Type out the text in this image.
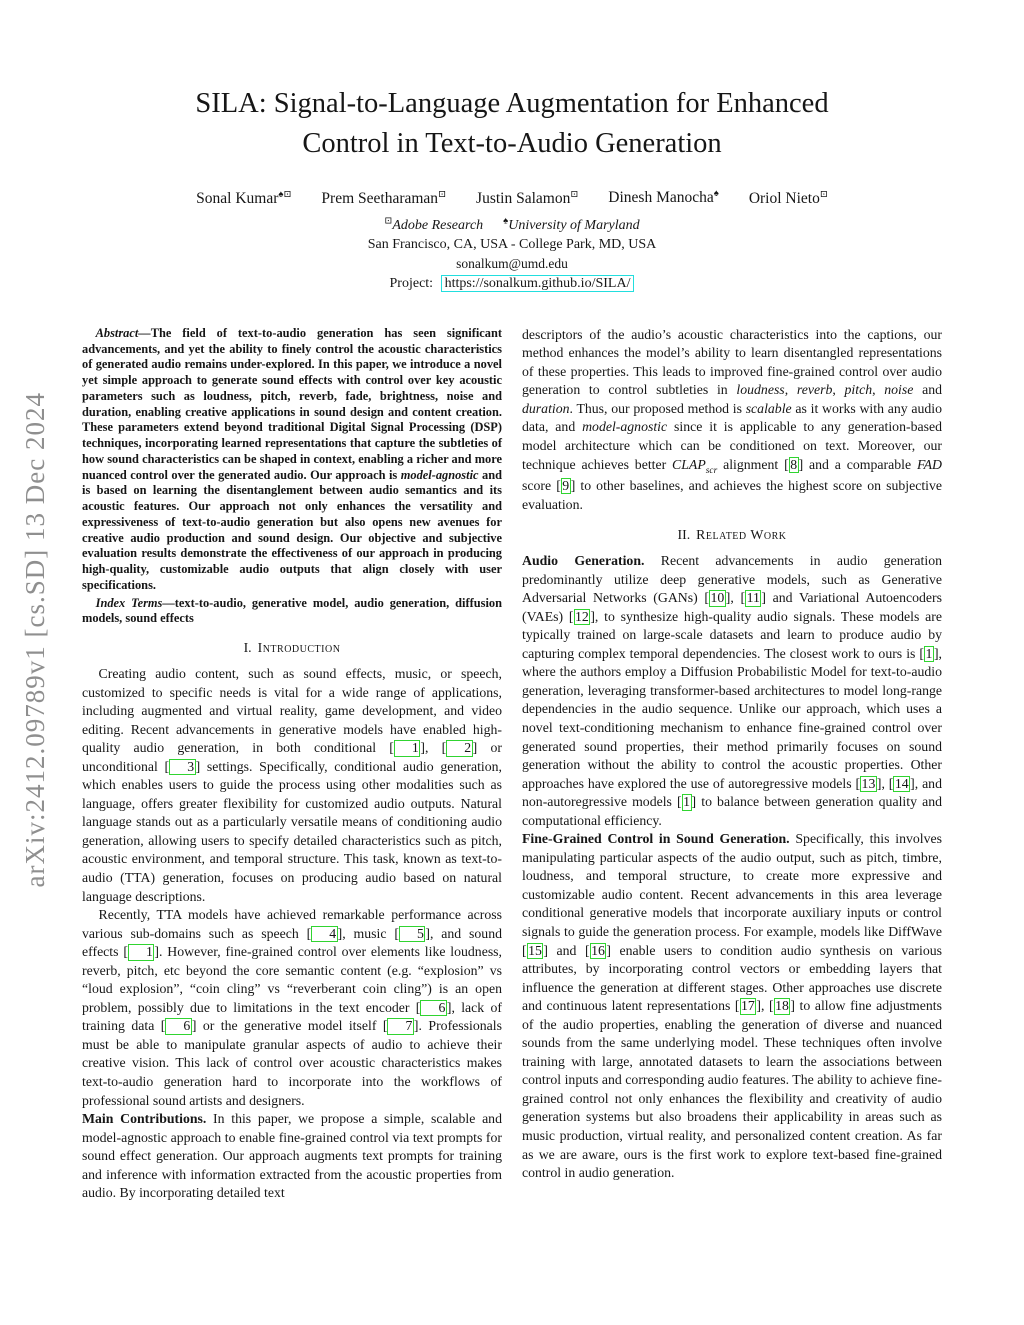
arXiv:2412.09789v1 [cs.SD] 13 Dec 2024
SILA: Signal-to-Language Augmentation for Enhanced Control in Text-to-Audio Generation
Sonal Kumar♠⊡ Prem Seetharaman⊡ Justin Salamon⊡ Dinesh Manocha♠ Oriol Nieto⊡
⊡Adobe Research ♠University of Maryland
San Francisco, CA, USA - College Park, MD, USA
sonalkum@umd.edu
Project: https://sonalkum.github.io/SILA/

Abstract—The field of text-to-audio generation has seen significant advancements, and yet the ability to finely control the acoustic characteristics of generated audio remains under-explored. In this paper, we introduce a novel yet simple approach to generate sound effects with control over key acoustic parameters such as loudness, pitch, reverb, fade, brightness, noise and duration, enabling creative applications in sound design and content creation. These parameters extend beyond traditional Digital Signal Processing (DSP) techniques, incorporating learned representations that capture the subtleties of how sound characteristics can be shaped in context, enabling a richer and more nuanced control over the generated audio. Our approach is model-agnostic and is based on learning the disentanglement between audio semantics and its acoustic features. Our approach not only enhances the versatility and expressiveness of text-to-audio generation but also opens new avenues for creative audio production and sound design. Our objective and subjective evaluation results demonstrate the effectiveness of our approach in producing high-quality, customizable audio outputs that align closely with user specifications.

Index Terms—text-to-audio, generative model, audio generation, diffusion models, sound effects

I. Introduction

Creating audio content, such as sound effects, music, or speech, customized to specific needs is vital for a wide range of applications, including augmented and virtual reality, game development, and video editing. Recent advancements in generative models have enabled high-quality audio generation, in both conditional [ 1 ], [ 2 ] or unconditional [ 3 ] settings. Specifically, conditional audio generation, which enables users to guide the process using other modalities such as language, offers greater flexibility for customized audio outputs. Natural language stands out as a particularly versatile means of conditioning audio generation, allowing users to specify detailed characteristics such as pitch, acoustic environment, and temporal structure. This task, known as text-to-audio (TTA) generation, focuses on producing audio based on natural language descriptions.

Recently, TTA models have achieved remarkable performance across various sub-domains such as speech [ 4 ], music [ 5 ], and sound effects [ 1 ]. However, fine-grained control over elements like loudness, reverb, pitch, etc beyond the core semantic content (e.g. “explosion” vs “loud explosion”, “coin cling” vs “reverberant coin cling”) is an open problem, possibly due to limitations in the text encoder [ 6 ], lack of training data [ 6 ] or the generative model itself [ 7 ]. Professionals must be able to manipulate granular aspects of audio to achieve their creative vision. This lack of control over acoustic characteristics makes text-to-audio generation hard to incorporate into the workflows of professional sound artists and designers.

Main Contributions. In this paper, we propose a simple, scalable and model-agnostic approach to enable fine-grained control via text prompts for sound effect generation. Our approach augments text prompts for training and inference with information extracted from the acoustic properties from audio. By incorporating detailed text

descriptors of the audio’s acoustic characteristics into the captions, our method enhances the model’s ability to learn disentangled representations of these properties. This leads to improved fine-grained control over audio generation to control subtleties in loudness, reverb, pitch, noise and duration. Thus, our proposed method is scalable as it works with any audio data, and model-agnostic since it is applicable to any generation-based model architecture which can be conditioned on text. Moreover, our technique achieves better $CLAP_{scr}$ alignment [ 8 ] and a comparable FAD score [ 9 ] to other baselines, and achieves the highest score on subjective evaluation.

II. Related Work

Audio Generation. Recent advancements in audio generation predominantly utilize deep generative models, such as Generative Adversarial Networks (GANs) [ 10 ], [ 11 ] and Variational Autoencoders (VAEs) [ 12 ], to synthesize high-quality audio signals. These models are typically trained on large-scale datasets and learn to produce audio by capturing complex temporal dependencies. The closest work to ours is [ 1 ], where the authors employ a Diffusion Probabilistic Model for text-to-audio generation, leveraging transformer-based architectures to model long-range dependencies in the audio sequence. Unlike our approach, which uses a novel text-conditioning mechanism to enhance fine-grained control over generated sound properties, their method primarily focuses on sound generation without the ability to control the acoustic properties. Other approaches have explored the use of autoregressive models [ 13 ], [ 14 ], and non-autoregressive models [ 1 ] to balance between generation quality and computational efficiency.

Fine-Grained Control in Sound Generation. Specifically, this involves manipulating particular aspects of the audio output, such as pitch, timbre, loudness, and temporal structure, to create more expressive and customizable audio content. Recent advancements in this area leverage conditional generative models that incorporate auxiliary inputs or control signals to guide the generation process. For example, models like DiffWave [ 15 ] and [ 16 ] enable users to condition audio synthesis on various attributes, by incorporating control vectors or embedding layers that influence the generation at different stages. Other approaches use discrete and continuous latent representations [ 17 ], [ 18 ] to allow fine adjustments of the audio properties, enabling the generation of diverse and nuanced sounds from the same underlying model. These techniques often involve training with large, annotated datasets to learn the associations between control inputs and corresponding audio features. The ability to achieve fine-grained control not only enhances the flexibility and creativity of audio generation systems but also broadens their applicability in areas such as music production, virtual reality, and personalized content creation. As far as we are aware, ours is the first work to explore text-based fine-grained control in audio generation.
